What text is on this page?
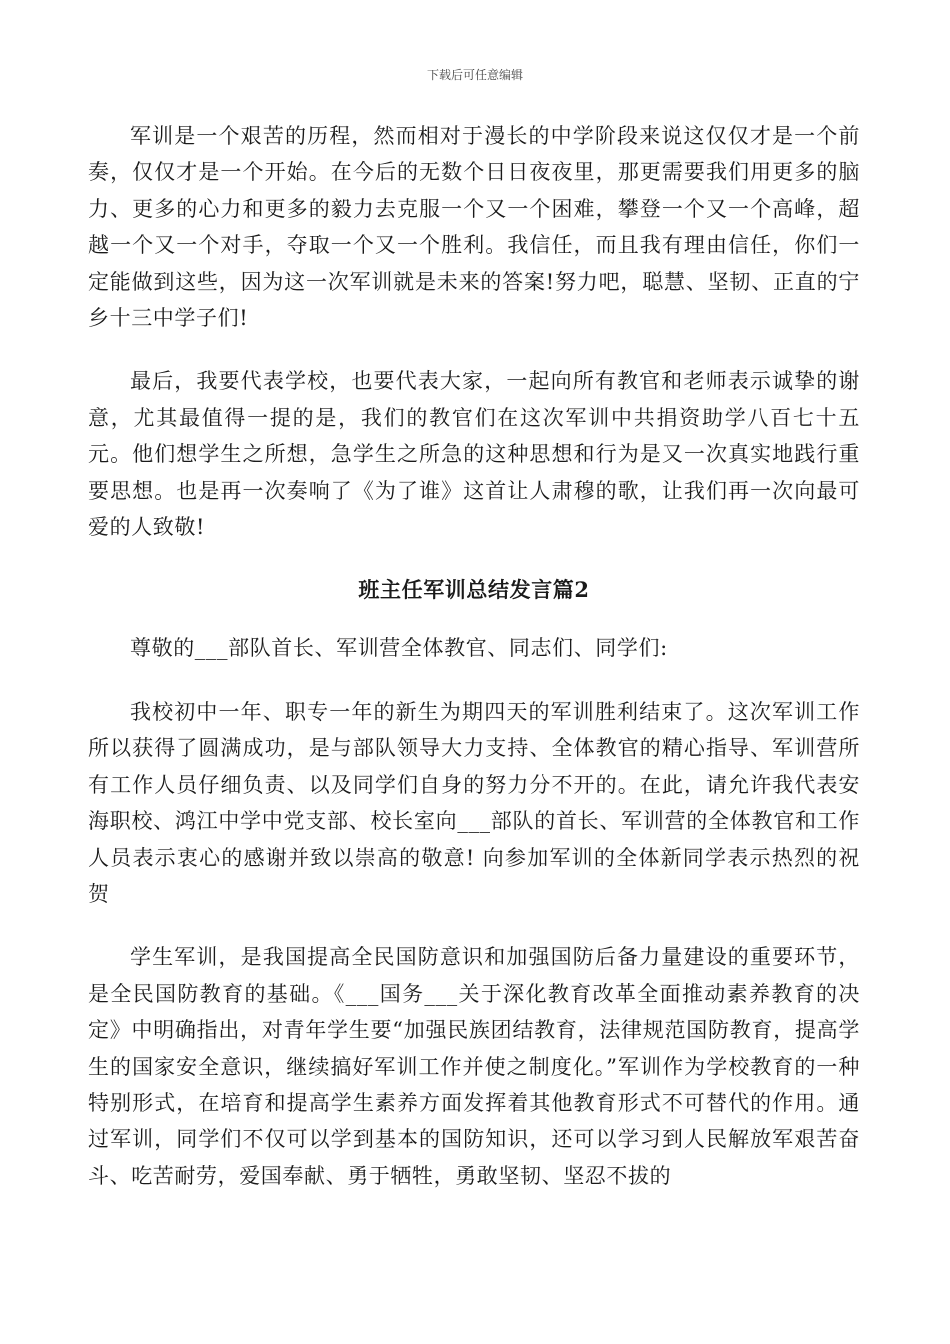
下载后可任意编辑

军训是一个艰苦的历程，然而相对于漫长的中学阶段来说这仅仅才是一个前奏，仅仅才是一个开始。在今后的无数个日日夜夜里，那更需要我们用更多的脑力、更多的心力和更多的毅力去克服一个又一个困难，攀登一个又一个高峰，超越一个又一个对手，夺取一个又一个胜利。我信任，而且我有理由信任，你们一定能做到这些，因为这一次军训就是未来的答案!努力吧，聪慧、坚韧、正直的宁乡十三中学子们!

最后，我要代表学校，也要代表大家，一起向所有教官和老师表示诚挚的谢意，尤其最值得一提的是，我们的教官们在这次军训中共捐资助学八百七十五元。他们想学生之所想，急学生之所急的这种思想和行为是又一次真实地践行重要思想。也是再一次奏响了《为了谁》这首让人肃穆的歌，让我们再一次向最可爱的人致敬!

班主任军训总结发言篇2

尊敬的___部队首长、军训营全体教官、同志们、同学们:

我校初中一年、职专一年的新生为期四天的军训胜利结束了。这次军训工作所以获得了圆满成功，是与部队领导大力支持、全体教官的精心指导、军训营所有工作人员仔细负责、以及同学们自身的努力分不开的。在此，请允许我代表安海职校、鸿江中学中党支部、校长室向___部队的首长、军训营的全体教官和工作人员表示衷心的感谢并致以崇高的敬意! 向参加军训的全体新同学表示热烈的祝贺

学生军训，是我国提高全民国防意识和加强国防后备力量建设的重要环节，是全民国防教育的基础。《___国务___关于深化教育改革全面推动素养教育的决定》中明确指出，对青年学生要“加强民族团结教育，法律规范国防教育，提高学生的国家安全意识，继续搞好军训工作并使之制度化。”军训作为学校教育的一种特别形式，在培育和提高学生素养方面发挥着其他教育形式不可替代的作用。通过军训，同学们不仅可以学到基本的国防知识，还可以学习到人民解放军艰苦奋斗、吃苦耐劳，爱国奉献、勇于牺牲，勇敢坚韧、坚忍不拔的
